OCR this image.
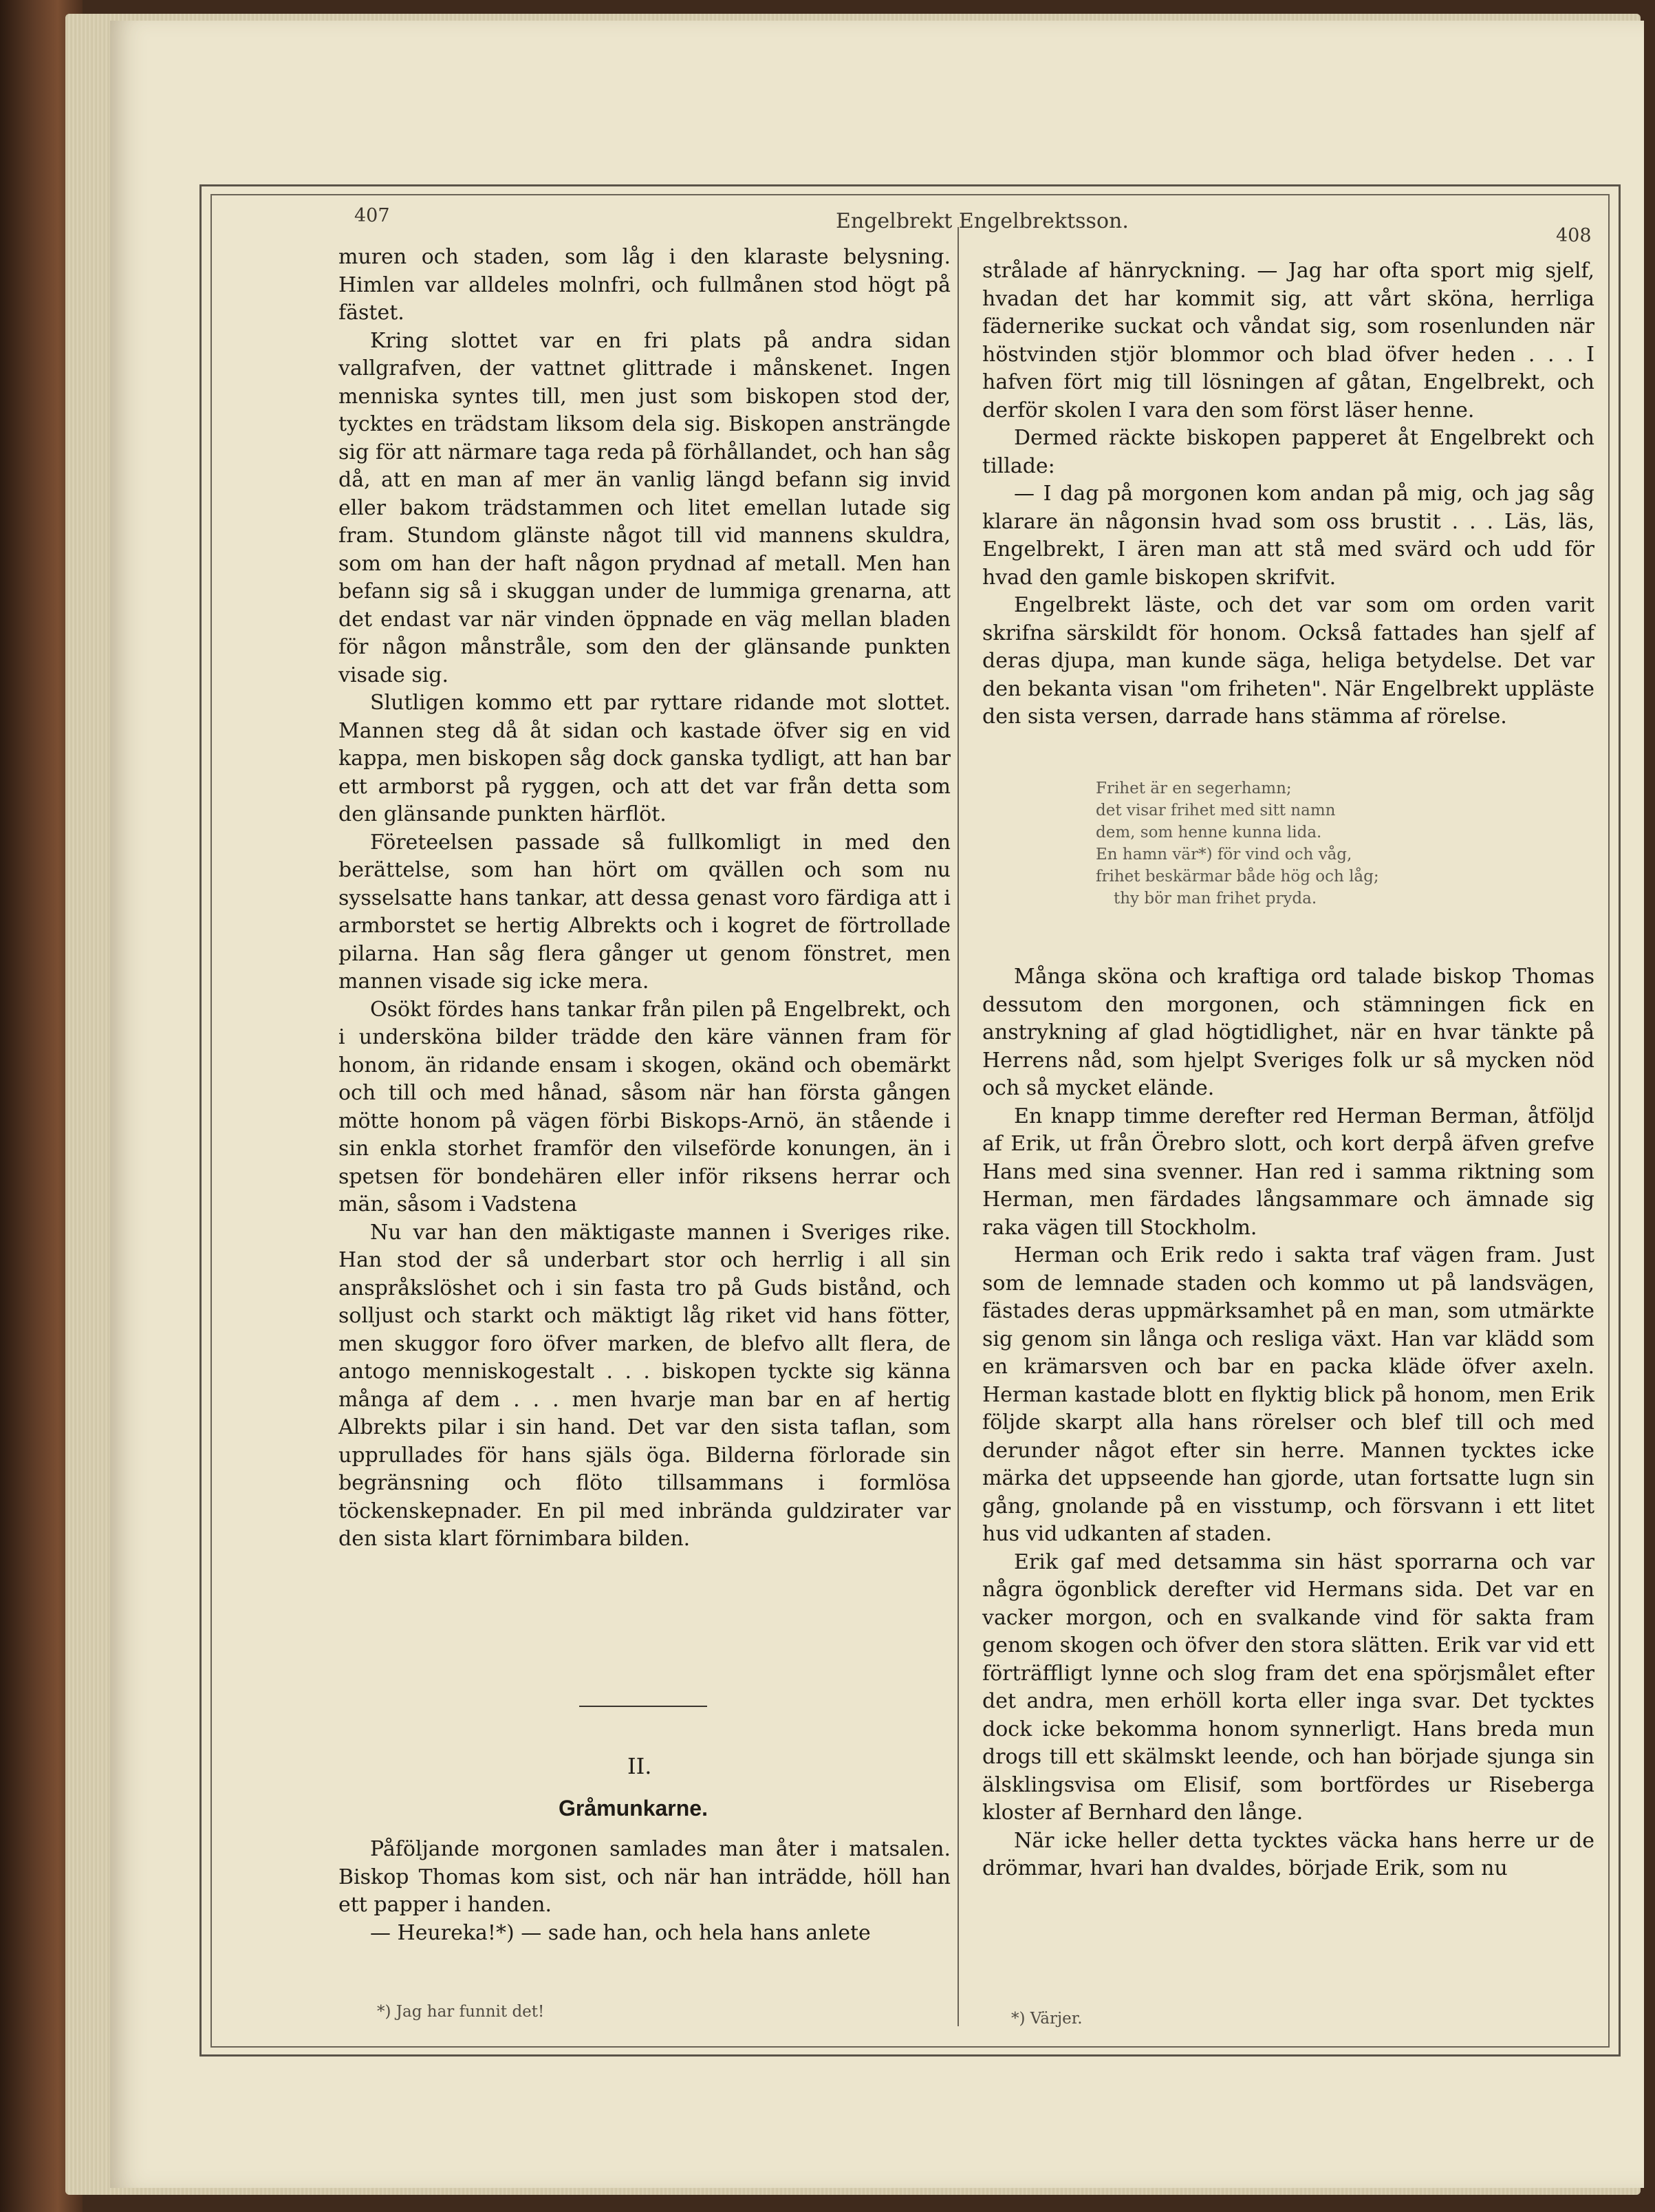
407	Engelbrekt Engelbrektsson.
408

muren och staden, som låg i den klaraste belysning. Himlen var alldeles molnfri, och fullmånen stod högt på fästet.

Kring slottet var en fri plats på andra sidan vallgrafven, der vattnet glittrade i månskenet. Ingen menniska syntes till, men just som biskopen stod der, tycktes en trädstam liksom dela sig. Biskopen ansträngde sig för att närmare taga reda på förhållandet, och han såg då, att en man af mer än vanlig längd befann sig invid eller bakom trädstammen och litet emellan lutade sig fram. Stundom glänste något till vid mannens skuldra, som om han der haft någon prydnad af metall. Men han befann sig så i skuggan under de lummiga grenarna, att det endast var när vinden öppnade en väg mellan bladen för någon månstråle, som den der glänsande punkten visade sig.

Slutligen kommo ett par ryttare ridande mot slottet. Mannen steg då åt sidan och kastade öfver sig en vid kappa, men biskopen såg dock ganska tydligt, att han bar ett armborst på ryggen, och att det var från detta som den glänsande punkten härflöt.

Företeelsen passade så fullkomligt in med den berättelse, som han hört om qvällen och som nu sysselsatte hans tankar, att dessa genast voro färdiga att i armborstet se hertig Albrekts och i kogret de förtrollade pilarna. Han såg flera gånger ut genom fönstret, men mannen visade sig icke mera.

Osökt fördes hans tankar från pilen på Engelbrekt, och i undersköna bilder trädde den käre vännen fram för honom, än ridande ensam i skogen, okänd och obemärkt och till och med hånad, såsom när han första gången mötte honom på vägen förbi Biskops-Arnö, än stående i sin enkla storhet framför den vilseförde konungen, än i spetsen för bondehären eller inför riksens herrar och män, såsom i Vadstena

Nu var han den mäktigaste mannen i Sveriges rike. Han stod der så underbart stor och herrlig i all sin anspråkslöshet och i sin fasta tro på Guds bistånd, och solljust och starkt och mäktigt låg riket vid hans fötter, men skuggor foro öfver marken, de blefvo allt flera, de antogo menniskogestalt . . . biskopen tyckte sig känna många af dem . . . men hvarje man bar en af hertig Albrekts pilar i sin hand. Det var den sista taflan, som upprullades för hans själs öga. Bilderna förlorade sin begränsning och flöto tillsammans i formlösa töckenskepnader. En pil med inbrända guldzirater var den sista klart förnimbara bilden.

II.
Gråmunkarne.

Påföljande morgonen samlades man åter i matsalen. Biskop Thomas kom sist, och när han inträdde, höll han ett papper i handen.

— Heureka!*) — sade han, och hela hans anlete

*) Jag har funnit det!

strålade af hänryckning. — Jag har ofta sport mig sjelf, hvadan det har kommit sig, att vårt sköna, herrliga fädernerike suckat och våndat sig, som rosenlunden när höstvinden stjör blommor och blad öfver heden . . . I hafven fört mig till lösningen af gåtan, Engelbrekt, och derför skolen I vara den som först läser henne.

Dermed räckte biskopen papperet åt Engelbrekt och tillade:

— I dag på morgonen kom andan på mig, och jag såg klarare än någonsin hvad som oss brustit . . . Läs, läs, Engelbrekt, I ären man att stå med svärd och udd för hvad den gamle biskopen skrifvit.

Engelbrekt läste, och det var som om orden varit skrifna särskildt för honom. Också fattades han sjelf af deras djupa, man kunde säga, heliga betydelse. Det var den bekanta visan "om friheten". När Engelbrekt uppläste den sista versen, darrade hans stämma af rörelse.

Frihet är en segerhamn;
det visar frihet med sitt namn
dem, som henne kunna lida.
En hamn vär*) för vind och våg,
frihet beskärmar både hög och låg;
thy bör man frihet pryda.

Många sköna och kraftiga ord talade biskop Thomas dessutom den morgonen, och stämningen fick en anstrykning af glad högtidlighet, när en hvar tänkte på Herrens nåd, som hjelpt Sveriges folk ur så mycken nöd och så mycket elände.

En knapp timme derefter red Herman Berman, åtföljd af Erik, ut från Örebro slott, och kort derpå äfven grefve Hans med sina svenner. Han red i samma riktning som Herman, men färdades långsammare och ämnade sig raka vägen till Stockholm.

Herman och Erik redo i sakta traf vägen fram. Just som de lemnade staden och kommo ut på landsvägen, fästades deras uppmärksamhet på en man, som utmärkte sig genom sin långa och resliga växt. Han var klädd som en krämarsven och bar en packa kläde öfver axeln. Herman kastade blott en flyktig blick på honom, men Erik följde skarpt alla hans rörelser och blef till och med derunder något efter sin herre. Mannen tycktes icke märka det uppseende han gjorde, utan fortsatte lugn sin gång, gnolande på en visstump, och försvann i ett litet hus vid udkanten af staden.

Erik gaf med detsamma sin häst sporrarna och var några ögonblick derefter vid Hermans sida. Det var en vacker morgon, och en svalkande vind för sakta fram genom skogen och öfver den stora slätten. Erik var vid ett förträffligt lynne och slog fram det ena spörjsmålet efter det andra, men erhöll korta eller inga svar. Det tycktes dock icke bekomma honom synnerligt. Hans breda mun drogs till ett skälmskt leende, och han började sjunga sin älsklingsvisa om Elisif, som bortfördes ur Riseberga kloster af Bernhard den långe.

När icke heller detta tycktes väcka hans herre ur de drömmar, hvari han dvaldes, började Erik, som nu

*) Värjer.
